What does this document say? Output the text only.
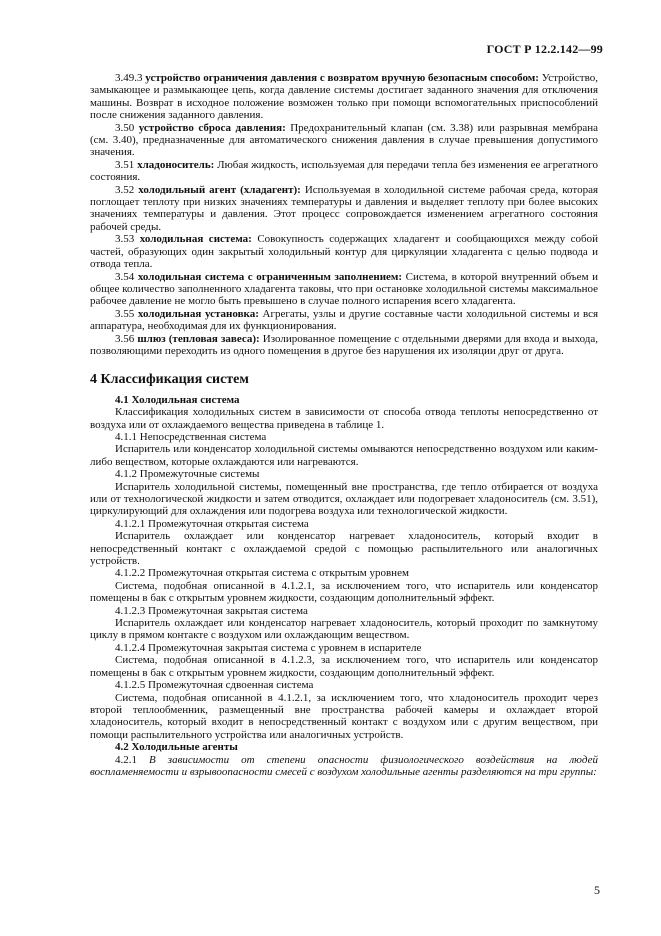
ГОСТ Р 12.2.142—99

3.49.3 устройство ограничения давления с возвратом вручную безопасным способом: Устройство, замыкающее и размыкающее цепь, когда давление системы достигает заданного значения для отключения машины. Возврат в исходное положение возможен только при помощи вспомогательных приспособлений после снижения заданного давления.

3.50 устройство сброса давления: Предохранительный клапан (см. 3.38) или разрывная мембрана (см. 3.40), предназначенные для автоматического снижения давления в случае превышения допустимого значения.

3.51 хладоноситель: Любая жидкость, используемая для передачи тепла без изменения ее агрегатного состояния.

3.52 холодильный агент (хладагент): Используемая в холодильной системе рабочая среда, которая поглощает теплоту при низких значениях температуры и давления и выделяет теплоту при более высоких значениях температуры и давления. Этот процесс сопровождается изменением агрегатного состояния рабочей среды.

3.53 холодильная система: Совокупность содержащих хладагент и сообщающихся между собой частей, образующих один закрытый холодильный контур для циркуляции хладагента с целью подвода и отвода тепла.

3.54 холодильная система с ограниченным заполнением: Система, в которой внутренний объем и общее количество заполненного хладагента таковы, что при остановке холодильной системы максимальное рабочее давление не могло быть превышено в случае полного испарения всего хладагента.

3.55 холодильная установка: Агрегаты, узлы и другие составные части холодильной системы и вся аппаратура, необходимая для их функционирования.

3.56 шлюз (тепловая завеса): Изолированное помещение с отдельными дверями для входа и выхода, позволяющими переходить из одного помещения в другое без нарушения их изоляции друг от друга.

4 Классификация систем
4.1 Холодильная система

Классификация холодильных систем в зависимости от способа отвода теплоты непосредственно от воздуха или от охлаждаемого вещества приведена в таблице 1.

4.1.1 Непосредственная система

Испаритель или конденсатор холодильной системы омываются непосредственно воздухом или каким-либо веществом, которые охлаждаются или нагреваются.

4.1.2 Промежуточные системы

Испаритель холодильной системы, помещенный вне пространства, где тепло отбирается от воздуха или от технологической жидкости и затем отводится, охлаждает или подогревает хладоноситель (см. 3.51), циркулирующий для охлаждения или подогрева воздуха или технологической жидкости.

4.1.2.1 Промежуточная открытая система

Испаритель охлаждает или конденсатор нагревает хладоноситель, который входит в непосредственный контакт с охлаждаемой средой с помощью распылительного или аналогичных устройств.

4.1.2.2 Промежуточная открытая система с открытым уровнем

Система, подобная описанной в 4.1.2.1, за исключением того, что испаритель или конденсатор помещены в бак с открытым уровнем жидкости, создающим дополнительный эффект.

4.1.2.3 Промежуточная закрытая система

Испаритель охлаждает или конденсатор нагревает хладоноситель, который проходит по замкнутому циклу в прямом контакте с воздухом или охлаждающим веществом.

4.1.2.4 Промежуточная закрытая система с уровнем в испарителе

Система, подобная описанной в 4.1.2.3, за исключением того, что испаритель или конденсатор помещены в бак с открытым уровнем жидкости, создающим дополнительный эффект.

4.1.2.5 Промежуточная сдвоенная система

Система, подобная описанной в 4.1.2.1, за исключением того, что хладоноситель проходит через второй теплообменник, размещенный вне пространства рабочей камеры и охлаждает второй хладоноситель, который входит в непосредственный контакт с воздухом или с другим веществом, при помощи распылительного устройства или аналогичных устройств.

4.2 Холодильные агенты

4.2.1 В зависимости от степени опасности физиологического воздействия на людей воспламеняемости и взрывоопасности смесей с воздухом холодильные агенты разделяются на три группы:

5
